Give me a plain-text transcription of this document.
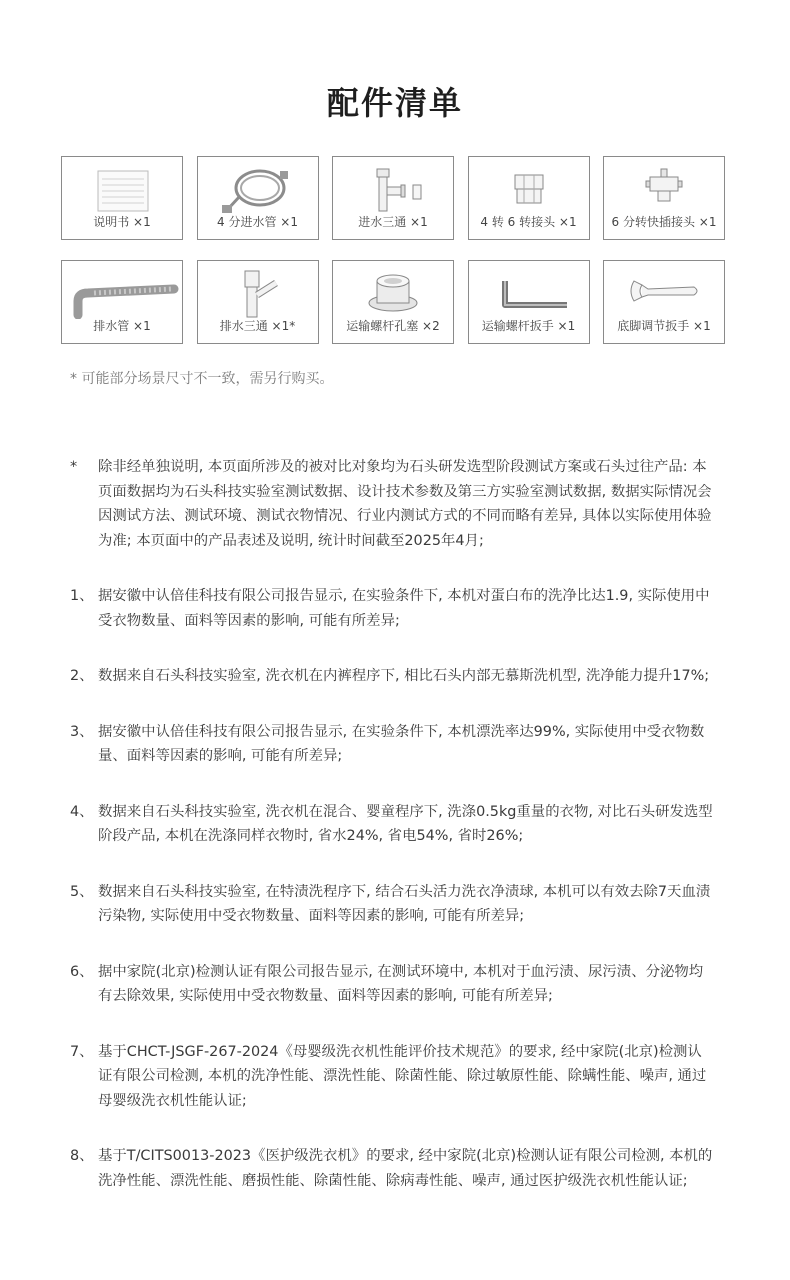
配件清单
说明书 ×1	4 分进水管 ×1	进水三通 ×1	4 转 6 转接头 ×1	6 分转快插接头 ×1
排水管 ×1	排水三通 ×1*	运输螺杆孔塞 ×2	运输螺杆扳手 ×1	底脚调节扳手 ×1
* 可能部分场景尺寸不一致，需另行购买。
*	除非经单独说明, 本页面所涉及的被对比对象均为石头研发选型阶段测试方案或石头过往产品: 本页面数据均为石头科技实验室测试数据、设计技术参数及第三方实验室测试数据, 数据实际情况会因测试方法、测试环境、测试衣物情况、行业内测试方式的不同而略有差异, 具体以实际使用体验为准; 本页面中的产品表述及说明, 统计时间截至2025年4月;
1、 据安徽中认倍佳科技有限公司报告显示, 在实验条件下, 本机对蛋白布的洗净比达1.9, 实际使用中受衣物数量、面料等因素的影响, 可能有所差异;
2、 数据来自石头科技实验室, 洗衣机在内裤程序下, 相比石头内部无慕斯洗机型, 洗净能力提升17%;
3、 据安徽中认倍佳科技有限公司报告显示, 在实验条件下, 本机漂洗率达99%, 实际使用中受衣物数量、面料等因素的影响, 可能有所差异;
4、 数据来自石头科技实验室, 洗衣机在混合、婴童程序下, 洗涤0.5kg重量的衣物, 对比石头研发选型阶段产品, 本机在洗涤同样衣物时, 省水24%, 省电54%, 省时26%;
5、 数据来自石头科技实验室, 在特渍洗程序下, 结合石头活力洗衣净渍球, 本机可以有效去除7天血渍污染物, 实际使用中受衣物数量、面料等因素的影响, 可能有所差异;
6、 据中家院(北京)检测认证有限公司报告显示, 在测试环境中, 本机对于血污渍、尿污渍、分泌物均有去除效果, 实际使用中受衣物数量、面料等因素的影响, 可能有所差异;
7、 基于CHCT-JSGF-267-2024《母婴级洗衣机性能评价技术规范》的要求, 经中家院(北京)检测认证有限公司检测, 本机的洗净性能、漂洗性能、除菌性能、除过敏原性能、除螨性能、噪声, 通过母婴级洗衣机性能认证;
8、 基于T/CITS0013-2023《医护级洗衣机》的要求, 经中家院(北京)检测认证有限公司检测, 本机的洗净性能、漂洗性能、磨损性能、除菌性能、除病毒性能、噪声, 通过医护级洗衣机性能认证;
